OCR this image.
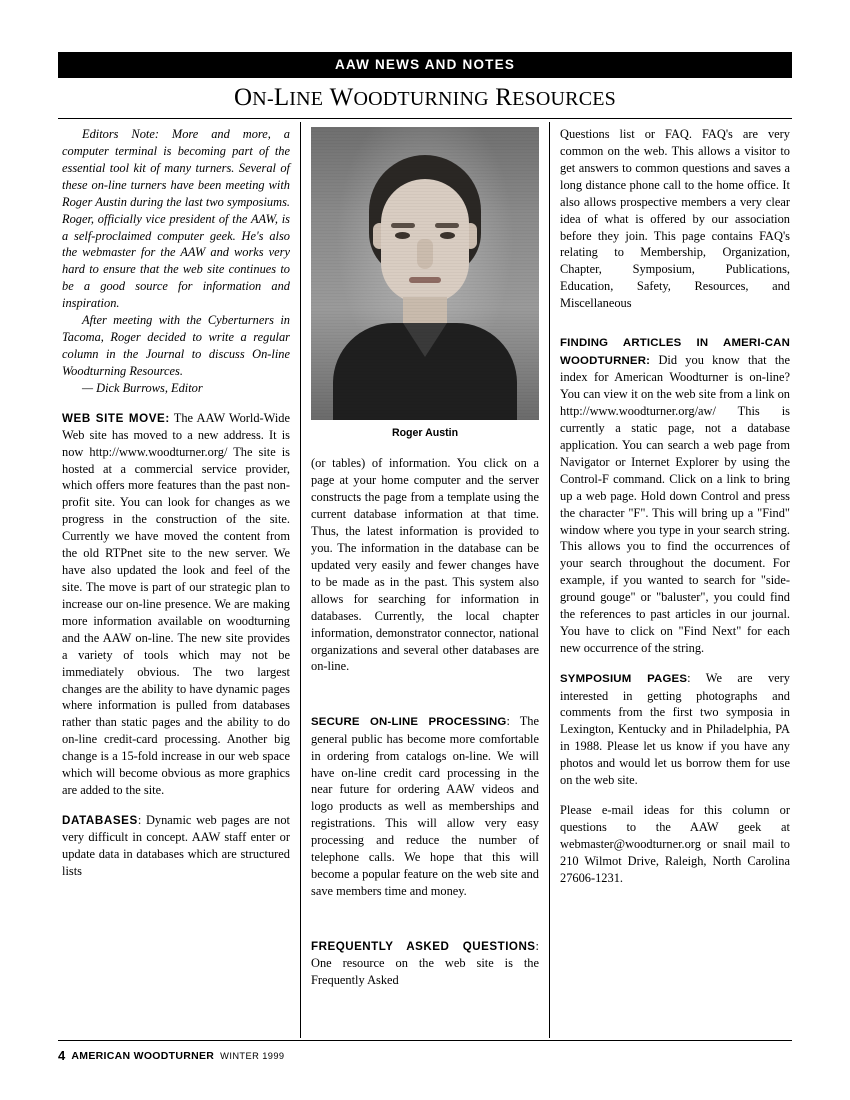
AAW NEWS AND NOTES
ON-LINE WOODTURNING RESOURCES

Editors Note: More and more, a computer terminal is becoming part of the essential tool kit of many turners. Several of these on-line turners have been meeting with Roger Austin during the last two symposiums. Roger, officially vice president of the AAW, is a self-proclaimed computer geek. He's also the webmaster for the AAW and works very hard to ensure that the web site continues to be a good source for information and inspiration.

After meeting with the Cyberturners in Tacoma, Roger decided to write a regular column in the Journal to discuss On-line Woodturning Resources.

— Dick Burrows, Editor

WEB SITE MOVE: The AAW World-Wide Web site has moved to a new address. It is now http://www.woodturner.org/ The site is hosted at a commercial service provider, which offers more features than the past non-profit site. You can look for changes as we progress in the construction of the site. Currently we have moved the content from the old RTPnet site to the new server. We have also updated the look and feel of the site. The move is part of our strategic plan to increase our on-line presence. We are making more information available on woodturning and the AAW on-line. The new site provides a variety of tools which may not be immediately obvious. The two largest changes are the ability to have dynamic pages where information is pulled from databases rather than static pages and the ability to do on-line credit-card processing. Another big change is a 15-fold increase in our web space which will become obvious as more graphics are added to the site.

DATABASES: Dynamic web pages are not very difficult in concept. AAW staff enter or update data in databases which are structured lists

Roger Austin

(or tables) of information. You click on a page at your home computer and the server constructs the page from a template using the current database information at that time. Thus, the latest information is provided to you. The information in the database can be updated very easily and fewer changes have to be made as in the past. This system also allows for searching for information in databases. Currently, the local chapter information, demonstrator connector, national organizations and several other databases are on-line.

SECURE ON-LINE PROCESSING: The general public has become more comfortable in ordering from catalogs on-line. We will have on-line credit card processing in the near future for ordering AAW videos and logo products as well as memberships and registrations. This will allow very easy processing and reduce the number of telephone calls. We hope that this will become a popular feature on the web site and save members time and money.

FREQUENTLY ASKED QUESTIONS: One resource on the web site is the Frequently Asked

Questions list or FAQ. FAQ's are very common on the web. This allows a visitor to get answers to common questions and saves a long distance phone call to the home office. It also allows prospective members a very clear idea of what is offered by our association before they join. This page contains FAQ's relating to Membership, Organization, Chapter, Symposium, Publications, Education, Safety, Resources, and Miscellaneous

FINDING ARTICLES IN AMERI-CAN WOODTURNER: Did you know that the index for American Woodturner is on-line? You can view it on the web site from a link on http://www.woodturner.org/aw/ This is currently a static page, not a database application. You can search a web page from Navigator or Internet Explorer by using the Control-F command. Click on a link to bring up a web page. Hold down Control and press the character "F". This will bring up a "Find" window where you type in your search string. This allows you to find the occurrences of your search throughout the document. For example, if you wanted to search for "side-ground gouge" or "baluster", you could find the references to past articles in our journal. You have to click on "Find Next" for each new occurrence of the string.

SYMPOSIUM PAGES: We are very interested in getting photographs and comments from the first two symposia in Lexington, Kentucky and in Philadelphia, PA in 1988. Please let us know if you have any photos and would let us borrow them for use on the web site.

Please e-mail ideas for this column or questions to the AAW geek at webmaster@woodturner.org or snail mail to 210 Wilmot Drive, Raleigh, North Carolina 27606-1231.

4 AMERICAN WOODTURNER WINTER 1999
